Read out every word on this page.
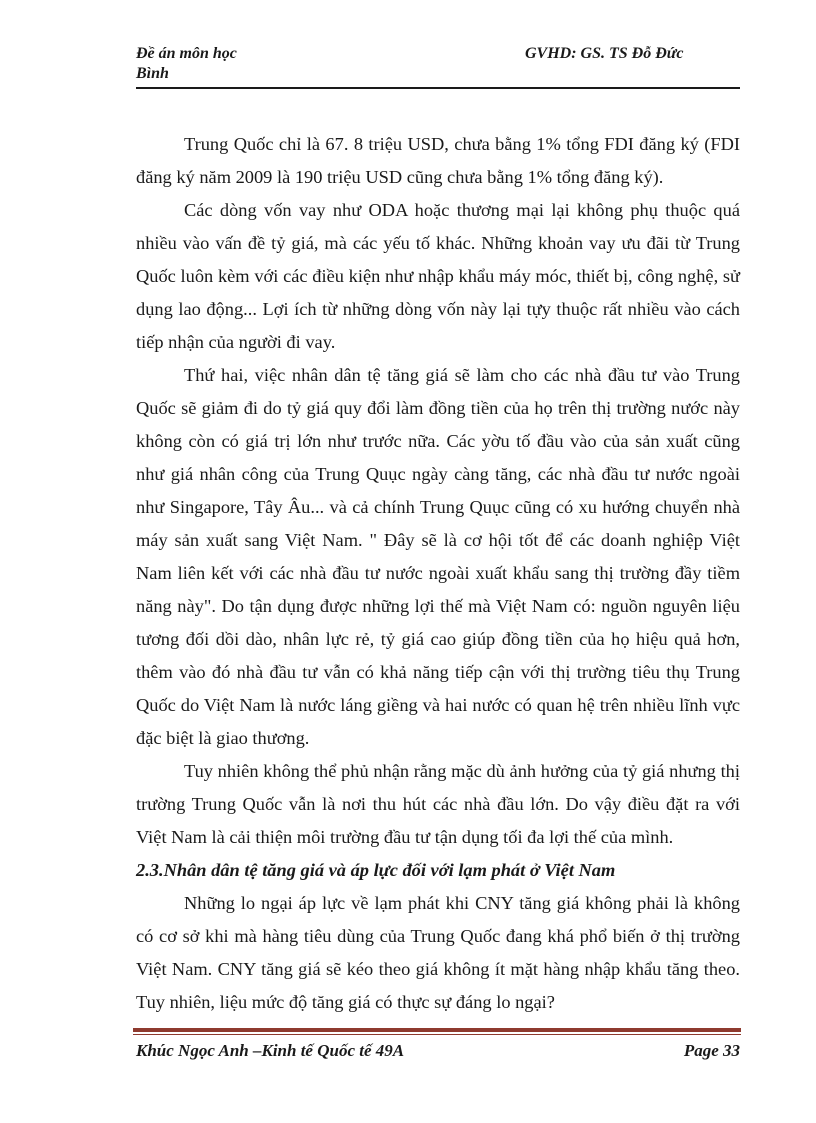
Đề án môn học
Bình
GVHD: GS. TS Đỗ Đức

Trung Quốc chỉ là 67. 8 triệu USD, chưa bằng 1% tổng FDI đăng ký (FDI đăng ký năm 2009 là 190 triệu USD cũng chưa bằng 1% tổng đăng ký).

Các dòng vốn vay như ODA hoặc thương mại lại không phụ thuộc quá nhiều vào vấn đề tỷ giá, mà các yếu tố khác. Những khoản vay ưu đãi từ Trung Quốc luôn kèm với các điều kiện như nhập khẩu máy móc, thiết bị, công nghệ, sử dụng lao động... Lợi ích từ những dòng vốn này lại tựy thuộc rất nhiều vào cách tiếp nhận của người đi vay.

Thứ hai, việc nhân dân tệ tăng giá sẽ làm cho các nhà đầu tư vào Trung Quốc sẽ giảm đi do tỷ giá quy đổi làm đồng tiền của họ trên thị trường nước này không còn có giá trị lớn như trước nữa. Các yờu tố đầu vào của sản xuất cũng như giá nhân công của Trung Quục ngày càng tăng, các nhà đầu tư nước ngoài như Singapore, Tây Âu... và cả chính Trung Quục cũng có xu hướng chuyển nhà máy sản xuất sang Việt Nam. " Đây sẽ là cơ hội tốt để các doanh nghiệp Việt Nam liên kết với các nhà đầu tư nước ngoài xuất khẩu sang thị trường đầy tiềm năng này". Do tận dụng được những lợi thế mà Việt Nam có: nguồn nguyên liệu tương đối dồi dào, nhân lực rẻ, tỷ giá cao giúp đồng tiền của họ hiệu quả hơn, thêm vào đó nhà đầu tư vẫn có khả năng tiếp cận với thị trường tiêu thụ Trung Quốc do Việt Nam là nước láng giềng và hai nước có quan hệ trên nhiều lĩnh vực đặc biệt là giao thương.

Tuy nhiên không thể phủ nhận rằng mặc dù ảnh hưởng của tỷ giá nhưng thị trường Trung Quốc vẫn là nơi thu hút các nhà đầu lớn. Do vậy điều đặt ra với Việt Nam là cải thiện môi trường đầu tư tận dụng tối đa lợi thế của mình.

2.3.Nhân dân tệ tăng giá và áp lực đối với lạm phát ở Việt Nam

Những lo ngại áp lực về lạm phát khi CNY tăng giá không phải là không có cơ sở khi mà hàng tiêu dùng của Trung Quốc đang khá phổ biến ở thị trường Việt Nam. CNY tăng giá sẽ kéo theo giá không ít mặt hàng nhập khẩu tăng theo. Tuy nhiên, liệu mức độ tăng giá có thực sự đáng lo ngại?

Khúc Ngọc Anh –Kinh tế Quốc tế 49A	Page 33
